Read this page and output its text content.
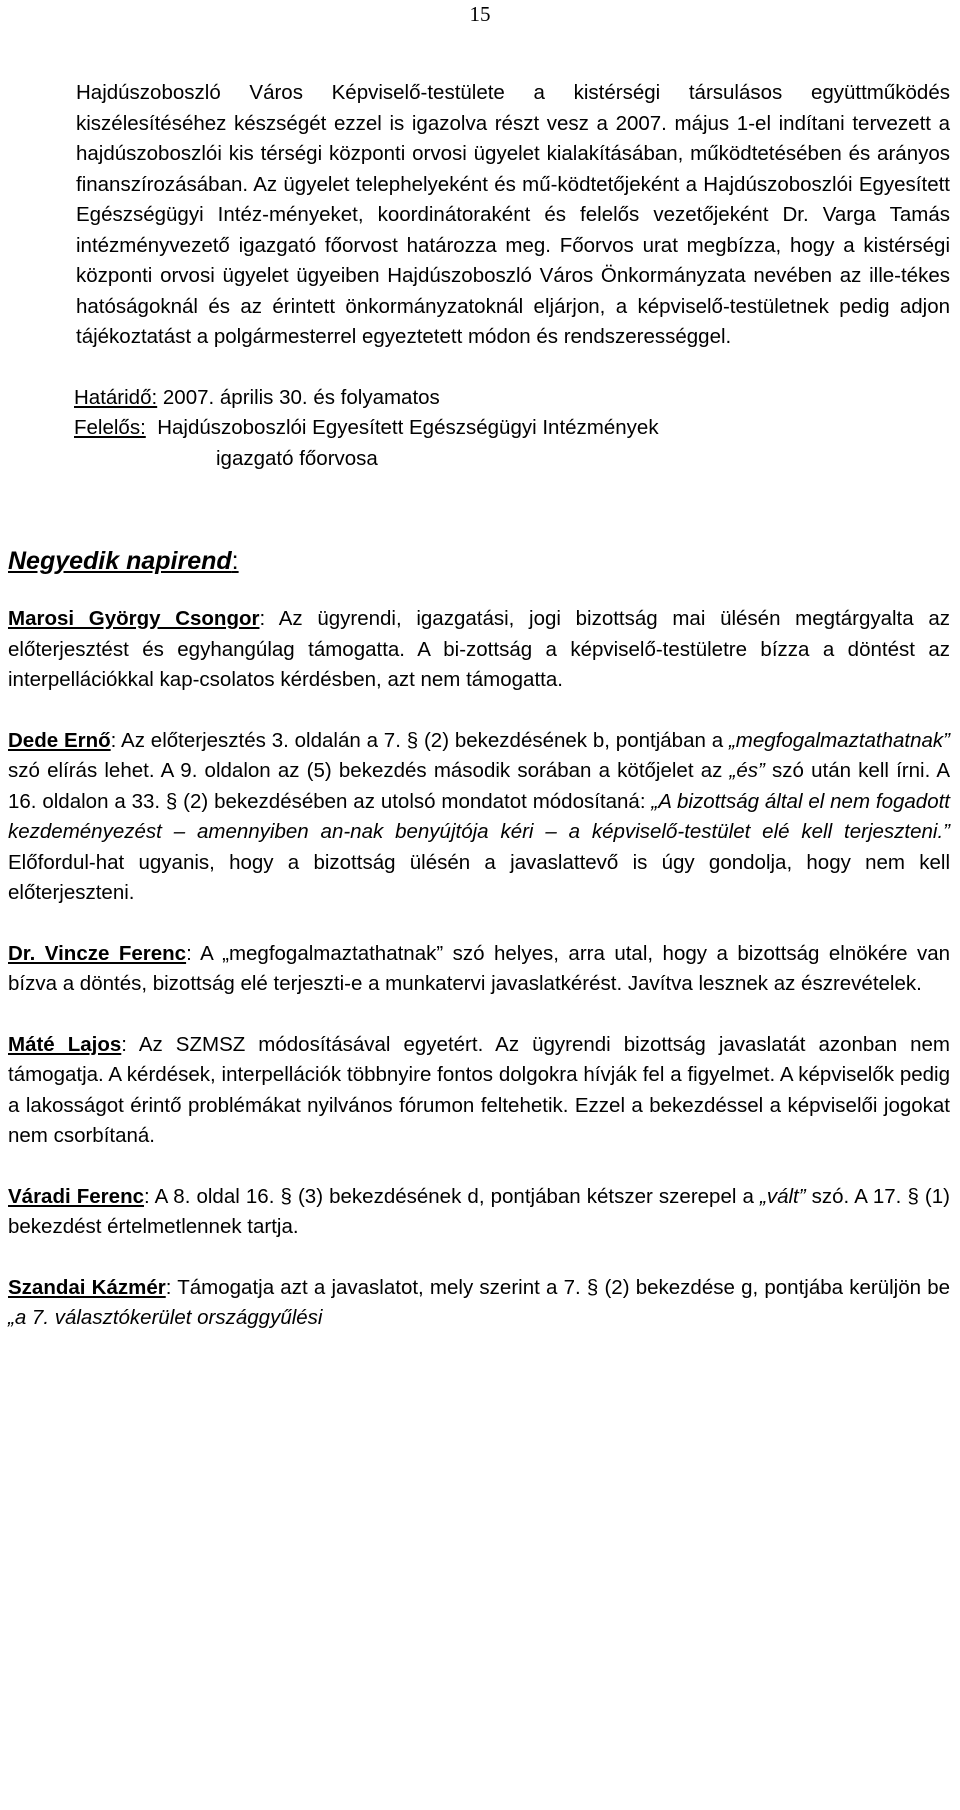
15

Hajdúszoboszló Város Képviselő-testülete a kistérségi társulásos együttműködés kiszélesítéséhez készségét ezzel is igazolva részt vesz a 2007. május 1-el indítani tervezett a hajdúszoboszlói kis térségi központi orvosi ügyelet kialakításában, működtetésében és arányos finanszírozásában. Az ügyelet telephelyeként és mű-ködtetőjeként a Hajdúszoboszlói Egyesített Egészségügyi Intéz-ményeket, koordinátoraként és felelős vezetőjeként Dr. Varga Tamás intézményvezető igazgató főorvost határozza meg. Főorvos urat megbízza, hogy a kistérségi központi orvosi ügyelet ügyeiben Hajdúszoboszló Város Önkormányzata nevében az ille-tékes hatóságoknál és az érintett önkormányzatoknál eljárjon, a képviselő-testületnek pedig adjon tájékoztatást a polgármesterrel egyeztetett módon és rendszerességgel.

Határidő: 2007. április 30. és folyamatos
Felelős: Hajdúszoboszlói Egyesített Egészségügyi Intézmények
igazgató főorvosa
Negyedik napirend:

Marosi György Csongor: Az ügyrendi, igazgatási, jogi bizottság mai ülésén megtárgyalta az előterjesztést és egyhangúlag támogatta. A bi-zottság a képviselő-testületre bízza a döntést az interpellációkkal kap-csolatos kérdésben, azt nem támogatta.

Dede Ernő: Az előterjesztés 3. oldalán a 7. § (2) bekezdésének b, pontjában a „megfogalmaztathatnak” szó elírás lehet. A 9. oldalon az (5) bekezdés második sorában a kötőjelet az „és” szó után kell írni. A 16. oldalon a 33. § (2) bekezdésében az utolsó mondatot módosítaná: „A bizottság által el nem fogadott kezdeményezést – amennyiben an-nak benyújtója kéri – a képviselő-testület elé kell terjeszteni.” Előfordul-hat ugyanis, hogy a bizottság ülésén a javaslattevő is úgy gondolja, hogy nem kell előterjeszteni.

Dr. Vincze Ferenc: A „megfogalmaztathatnak” szó helyes, arra utal, hogy a bizottság elnökére van bízva a döntés, bizottság elé terjeszti-e a munkatervi javaslatkérést. Javítva lesznek az észrevételek.

Máté Lajos: Az SZMSZ módosításával egyetért. Az ügyrendi bizottság javaslatát azonban nem támogatja. A kérdések, interpellációk többnyire fontos dolgokra hívják fel a figyelmet. A képviselők pedig a lakosságot érintő problémákat nyilvános fórumon feltehetik. Ezzel a bekezdéssel a képviselői jogokat nem csorbítaná.

Váradi Ferenc: A 8. oldal 16. § (3) bekezdésének d, pontjában kétszer szerepel a „vált” szó. A 17. § (1) bekezdést értelmetlennek tartja.

Szandai Kázmér: Támogatja azt a javaslatot, mely szerint a 7. § (2) bekezdése g, pontjába kerüljön be „a 7. választókerület országgyűlési
